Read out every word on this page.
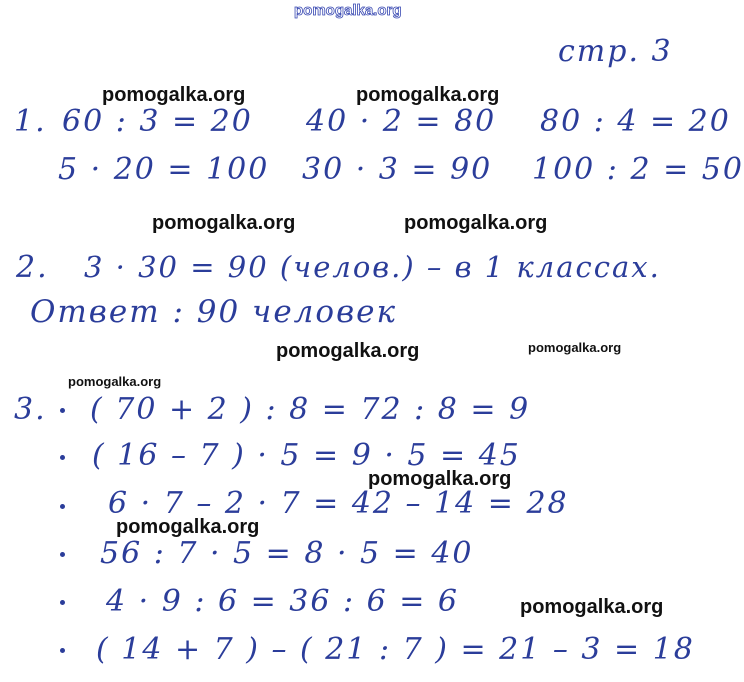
pomogalka.org
стр. 3
1. 60 : 3 = 20 40 · 2 = 80 80 : 4 = 20
5 · 20 = 100 30 · 3 = 90 100 : 2 = 50
2. 3 · 30 = 90 (челов.) – в 1 классах.
Ответ : 90 человек
3. ( 70 + 2 ) : 8 = 72 : 8 = 9
( 16 – 7 ) · 5 = 9 · 5 = 45
6 · 7 – 2 · 7 = 42 – 14 = 28
56 : 7 · 5 = 8 · 5 = 40
4 · 9 : 6 = 36 : 6 = 6
( 14 + 7 ) – ( 21 : 7 ) = 21 – 3 = 18
pomogalka.org	pomogalka.org
pomogalka.org	pomogalka.org
pomogalka.org	pomogalka.org
pomogalka.org
pomogalka.org
pomogalka.org
pomogalka.org
